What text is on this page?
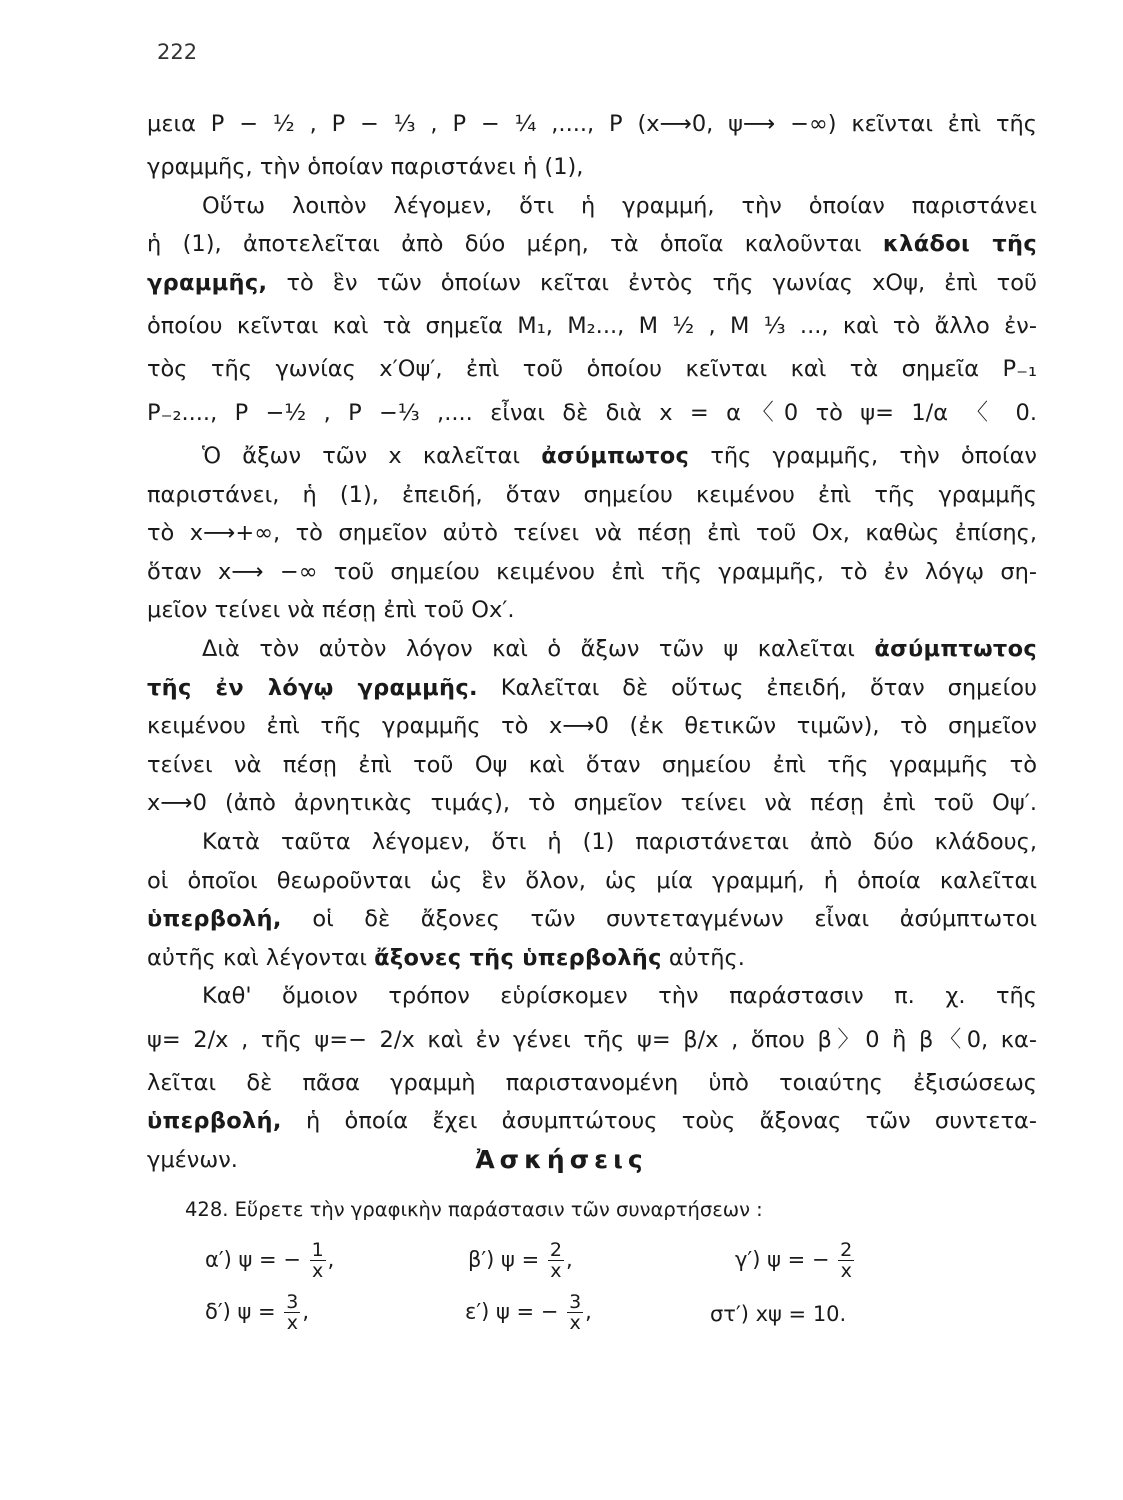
222
μεια P − ½ , P − ⅓ , P − ¼ ,...., P (x⟶0, ψ⟶ −∞) κεῖνται ἐπὶ τῆς
γραμμῆς, τὴν ὁποίαν παριστάνει ἡ (1),
Οὕτω λοιπὸν λέγομεν, ὅτι ἡ γραμμή, τὴν ὁποίαν παριστάνει
ἡ (1), ἀποτελεῖται ἀπὸ δύο μέρη, τὰ ὁποῖα καλοῦνται κλάδοι τῆς
γραμμῆς, τὸ ἓν τῶν ὁποίων κεῖται ἐντὸς τῆς γωνίας xΟψ, ἐπὶ τοῦ
ὁποίου κεῖνται καὶ τὰ σημεῖα M₁, M₂..., M ½ , M ⅓ ..., καὶ τὸ ἄλλο ἐν-
τὸς τῆς γωνίας x′Οψ′, ἐπὶ τοῦ ὁποίου κεῖνται καὶ τὰ σημεῖα P₋₁
P₋₂...., P −½ , P −⅓ ,.... εἶναι δὲ διὰ x = α〈0 τὸ ψ= 1/α 〈 0.
Ὁ ἄξων τῶν x καλεῖται ἀσύμπωτος τῆς γραμμῆς, τὴν ὁποίαν
παριστάνει, ἡ (1), ἐπειδή, ὅταν σημείου κειμένου ἐπὶ τῆς γραμμῆς
τὸ x⟶+∞, τὸ σημεῖον αὐτὸ τείνει νὰ πέσῃ ἐπὶ τοῦ Οx, καθὼς ἐπίσης,
ὅταν x⟶ −∞ τοῦ σημείου κειμένου ἐπὶ τῆς γραμμῆς, τὸ ἐν λόγῳ ση-
μεῖον τείνει νὰ πέσῃ ἐπὶ τοῦ Οx′.
Διὰ τὸν αὐτὸν λόγον καὶ ὁ ἄξων τῶν ψ καλεῖται ἀσύμπτωτος
τῆς ἐν λόγῳ γραμμῆς. Καλεῖται δὲ οὕτως ἐπειδή, ὅταν σημείου
κειμένου ἐπὶ τῆς γραμμῆς τὸ x⟶0 (ἐκ θετικῶν τιμῶν), τὸ σημεῖον
τείνει νὰ πέσῃ ἐπὶ τοῦ Οψ καὶ ὅταν σημείου ἐπὶ τῆς γραμμῆς τὸ
x⟶0 (ἀπὸ ἀρνητικὰς τιμάς), τὸ σημεῖον τείνει νὰ πέσῃ ἐπὶ τοῦ Οψ′.
Κατὰ ταῦτα λέγομεν, ὅτι ἡ (1) παριστάνεται ἀπὸ δύο κλάδους,
οἱ ὁποῖοι θεωροῦνται ὡς ἓν ὅλον, ὡς μία γραμμή, ἡ ὁποία καλεῖται
ὑπερβολή, οἱ δὲ ἄξονες τῶν συντεταγμένων εἶναι ἀσύμπτωτοι
αὐτῆς καὶ λέγονται ἄξονες τῆς ὑπερβολῆς αὐτῆς.
Καθ' ὅμοιον τρόπον εὑρίσκομεν τὴν παράστασιν π. χ. τῆς
ψ= 2/x , τῆς ψ=− 2/x καὶ ἐν γένει τῆς ψ= β/x , ὅπου β〉0 ἢ β〈0, κα-
λεῖται δὲ πᾶσα γραμμὴ παριστανομένη ὑπὸ τοιαύτης ἐξισώσεως
ὑπερβολή, ἡ ὁποία ἔχει ἀσυμπτώτους τοὺς ἄξονας τῶν συντετα-
γμένων.	Ἀσκήσεις
428. Εὕρετε τὴν γραφικὴν παράστασιν τῶν συναρτήσεων :
α′) ψ = − $\frac{1}{x}$ ,	β′) $\psi = \frac{2}{x}$ ,	γ′) ψ = − $\frac{2}{x}$
δ′) $\psi = \frac{3}{x}$ ,	ε′) ψ = − $\frac{3}{x}$ ,	στ′) xψ = 10.
